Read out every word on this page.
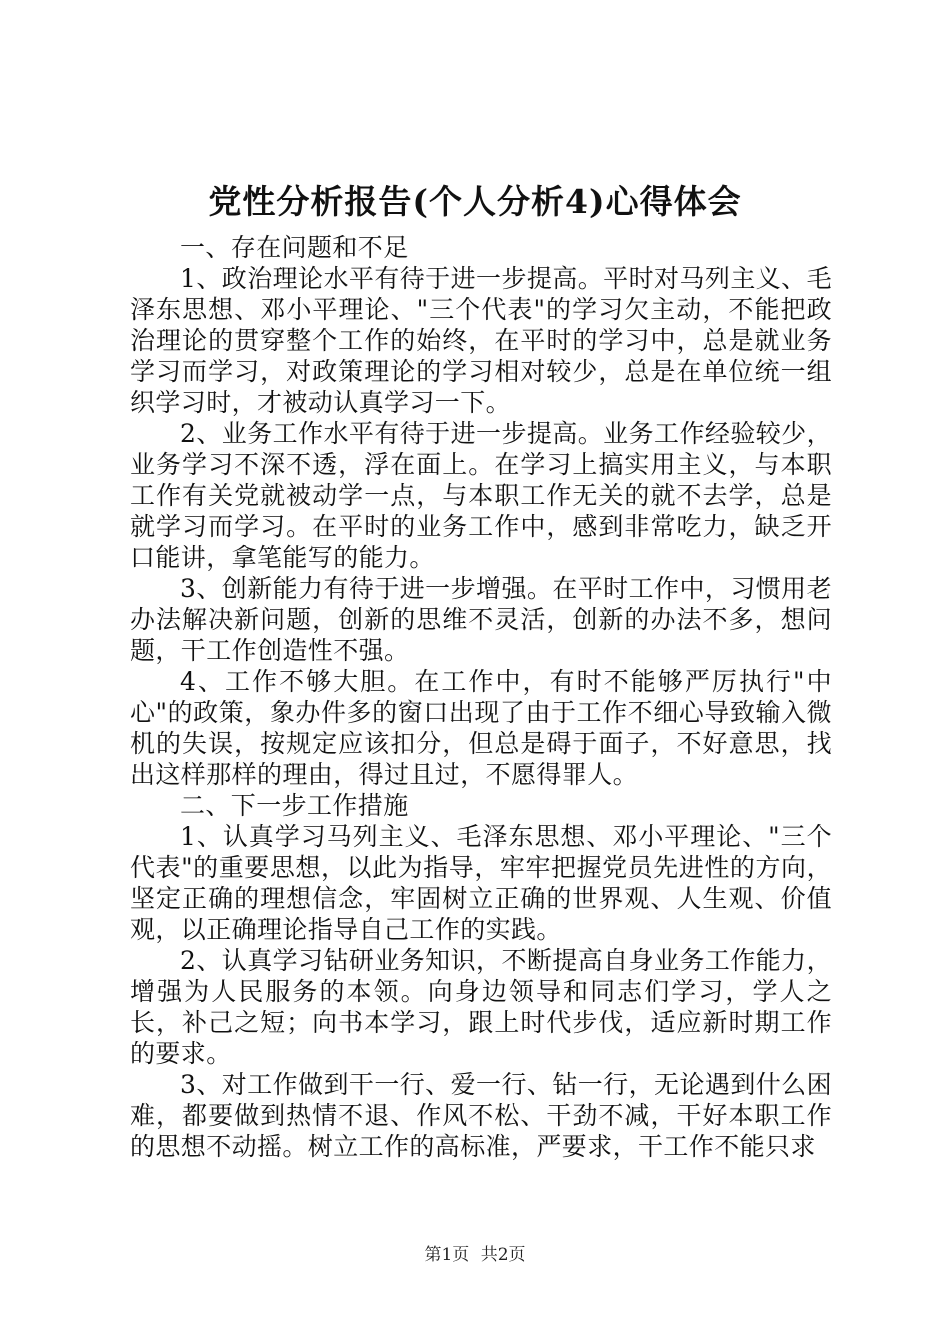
党性分析报告(个人分析4)心得体会

一、存在问题和不足

1、政治理论水平有待于进一步提高。平时对马列主义、毛泽东思想、邓小平理论、"三个代表"的学习欠主动，不能把政治理论的贯穿整个工作的始终，在平时的学习中，总是就业务学习而学习，对政策理论的学习相对较少，总是在单位统一组织学习时，才被动认真学习一下。

2、业务工作水平有待于进一步提高。业务工作经验较少，业务学习不深不透，浮在面上。在学习上搞实用主义，与本职工作有关党就被动学一点，与本职工作无关的就不去学，总是就学习而学习。在平时的业务工作中，感到非常吃力，缺乏开口能讲，拿笔能写的能力。

3、创新能力有待于进一步增强。在平时工作中，习惯用老办法解决新问题，创新的思维不灵活，创新的办法不多，想问题，干工作创造性不强。

4、工作不够大胆。在工作中，有时不能够严厉执行"中心"的政策，象办件多的窗口出现了由于工作不细心导致输入微机的失误，按规定应该扣分，但总是碍于面子，不好意思，找出这样那样的理由，得过且过，不愿得罪人。

二、下一步工作措施

1、认真学习马列主义、毛泽东思想、邓小平理论、"三个代表"的重要思想，以此为指导，牢牢把握党员先进性的方向，坚定正确的理想信念，牢固树立正确的世界观、人生观、价值观，以正确理论指导自己工作的实践。

2、认真学习钻研业务知识，不断提高自身业务工作能力，增强为人民服务的本领。向身边领导和同志们学习，学人之长，补己之短；向书本学习，跟上时代步伐，适应新时期工作的要求。

3、对工作做到干一行、爱一行、钻一行，无论遇到什么困难，都要做到热情不退、作风不松、干劲不减，干好本职工作的思想不动摇。树立工作的高标准，严要求，干工作不能只求

第1页 共2页
